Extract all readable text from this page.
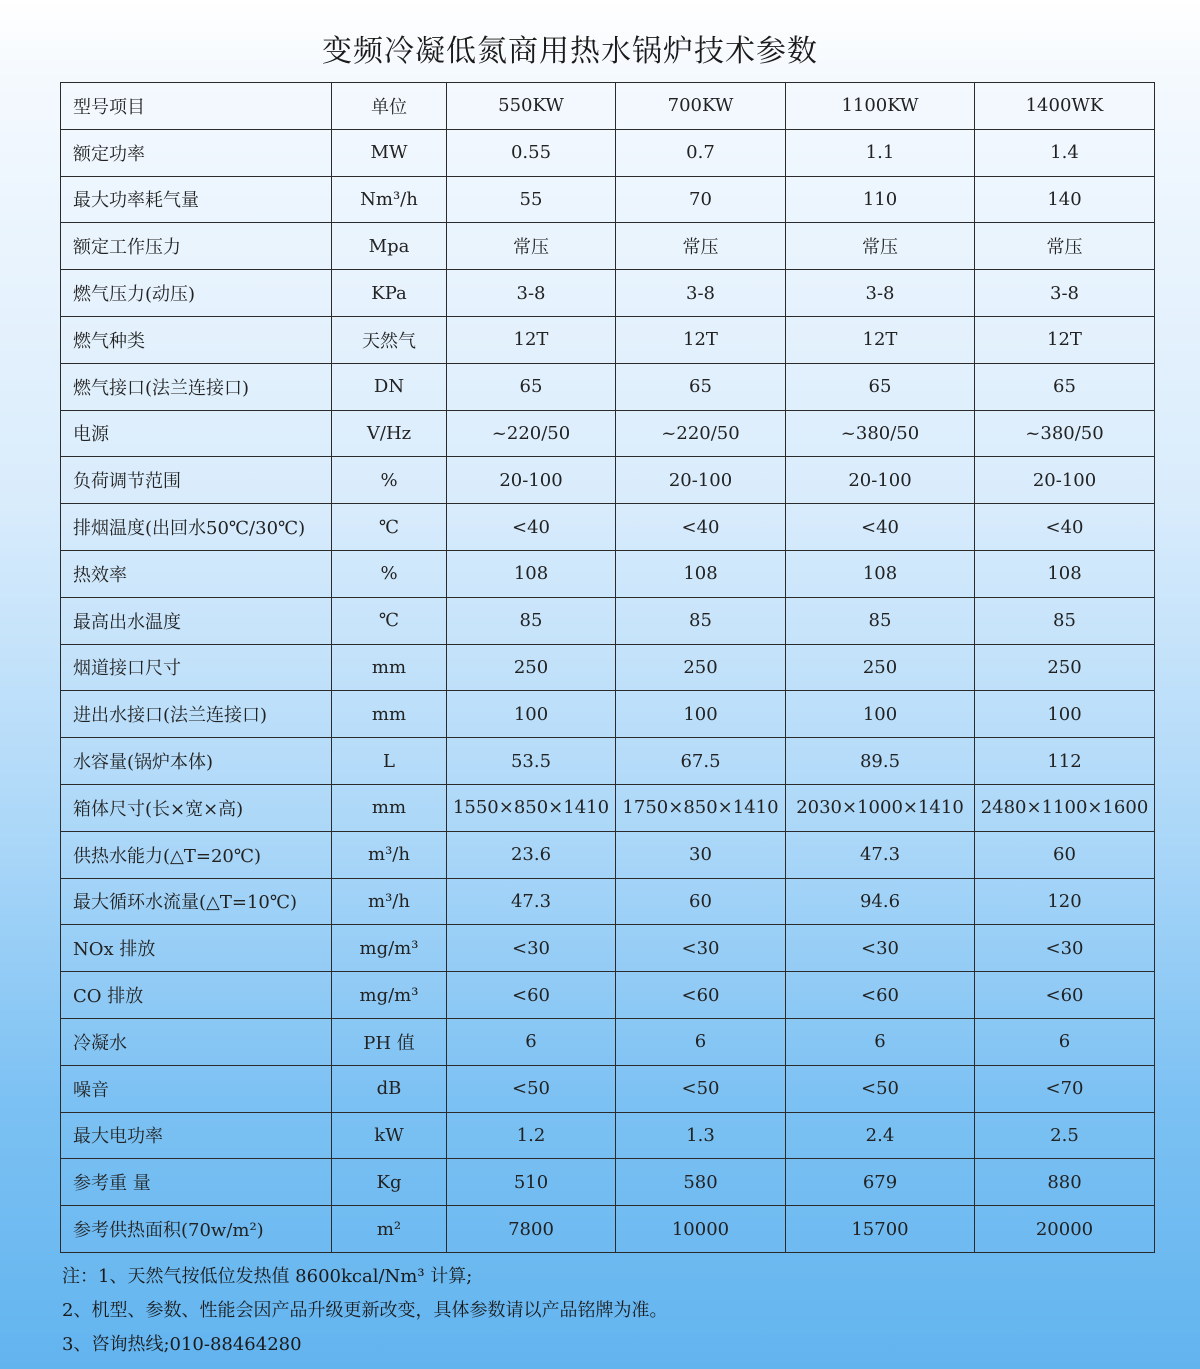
变频冷凝低氮商用热水锅炉技术参数
型号项目	单位	550KW	700KW	1100KW	1400WK
额定功率	MW	0.55	0.7	1.1	1.4
最大功率耗气量	Nm³/h	55	70	110	140
额定工作压力	Mpa	常压	常压	常压	常压
燃气压力(动压)	KPa	3-8	3-8	3-8	3-8
燃气种类	天然气	12T	12T	12T	12T
燃气接口(法兰连接口)	DN	65	65	65	65
电源	V/Hz	~220/50	~220/50	~380/50	~380/50
负荷调节范围	%	20-100	20-100	20-100	20-100
排烟温度(出回水50℃/30℃)	℃	<40	<40	<40	<40
热效率	%	108	108	108	108
最高出水温度	℃	85	85	85	85
烟道接口尺寸	mm	250	250	250	250
进出水接口(法兰连接口)	mm	100	100	100	100
水容量(锅炉本体)	L	53.5	67.5	89.5	112
箱体尺寸(长×宽×高)	mm	1550×850×1410	1750×850×1410	2030×1000×1410	2480×1100×1600
供热水能力(△T=20℃)	m³/h	23.6	30	47.3	60
最大循环水流量(△T=10℃)	m³/h	47.3	60	94.6	120
NOx 排放	mg/m³	<30	<30	<30	<30
CO 排放	mg/m³	<60	<60	<60	<60
冷凝水	PH 值	6	6	6	6
噪音	dB	<50	<50	<50	<70
最大电功率	kW	1.2	1.3	2.4	2.5
参考重 量	Kg	510	580	679	880
参考供热面积(70w/m²)	m²	7800	10000	15700	20000
注：1、天然气按低位发热值 8600kcal/Nm³ 计算;
2、机型、参数、性能会因产品升级更新改变，具体参数请以产品铭牌为准。
3、咨询热线;010-88464280
